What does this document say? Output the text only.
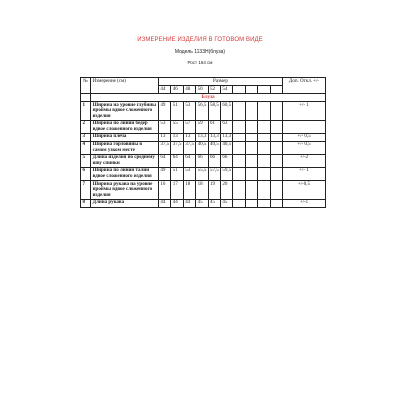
ИЗМЕРЕНИЕ ИЗДЕЛИЯ В ГОТОВОМ ВИДЕ
Модель 1133Н(блуза)
Рост 164 см
№	Измерение (см)	Размер										Доп. Откл. +/-
		44	46	48	50	52	54					
	Блуза											
1	Ширина на уровне глубины проймы вдвое сложенного изделия	49	51	53	56,5	58,5	60,5					+/- 1
2	Ширина по линии бедер вдвое сложенного изделия	53	55	57	59	61	63					
3	Ширина плеча	13	13	13	13,3	13,3	13,3					+/- 0,5
4	Ширина горловины в самом узком месте	37,5	37,5	37,5	40,5	40,5	40,5					+/- 0,5
5	Длина изделия по среднему шву спинки	64	64	64	66	66	66					+/-2
6	Ширина по линии талии вдвое сложенного изделия	49	51	53	55,5	57,5	59,5					+/- 1
7	Ширина рукава на уровне проймы вдвое сложенного изделия	16	17	18	18	19	20					+/-0,5
8	Длина рукава	44	44	44	45	45	45					+/-1
